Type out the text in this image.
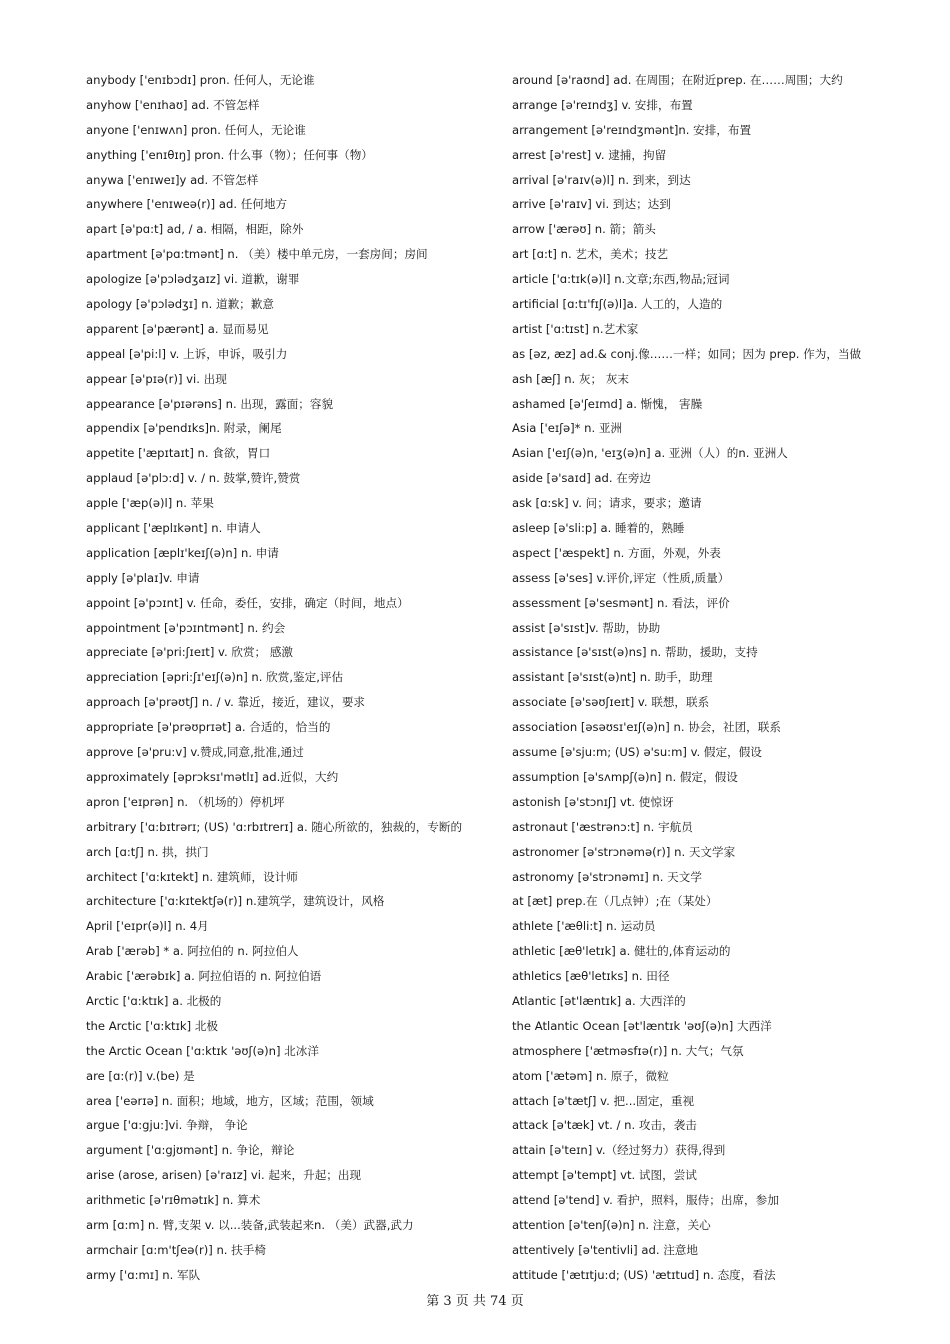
anybody ['enɪbɔdɪ] pron. 任何人，无论谁
anyhow ['enɪhaʊ] ad. 不管怎样
anyone ['enɪwʌn] pron. 任何人，无论谁
anything ['enɪθɪŋ] pron. 什么事（物）；任何事（物）
anywa ['enɪweɪ]y ad. 不管怎样
anywhere ['enɪweə(r)] ad. 任何地方
apart [ə'pɑ:t] ad, / a. 相隔，相距，除外
apartment [ə'pɑ:tmənt] n. （美）楼中单元房，一套房间；房间
apologize [ə'pɔlədʒaɪz] vi. 道歉，谢罪
apology [ə'pɔlədʒɪ] n. 道歉；歉意
apparent [ə'pærənt] a. 显而易见
appeal [ə'pi:l] v. 上诉，申诉，吸引力
appear [ə'pɪə(r)] vi. 出现
appearance [ə'pɪərəns] n. 出现，露面；容貌
appendix [ə'pendɪks]n. 附录，阑尾
appetite ['æpɪtaɪt] n. 食欲，胃口
applaud [ə'plɔ:d] v. / n. 鼓掌,赞许,赞赏
apple ['æp(ə)l] n. 苹果
applicant ['æplɪkənt] n. 申请人
application [æplɪ'keɪʃ(ə)n] n. 申请
apply [ə'plaɪ]v. 申请
appoint [ə'pɔɪnt] v. 任命，委任，安排，确定（时间，地点）
appointment [ə'pɔɪntmənt] n. 约会
appreciate [ə'pri:ʃɪeɪt] v. 欣赏； 感激
appreciation [əpri:ʃɪ'eɪʃ(ə)n] n. 欣赏,鉴定,评估
approach [ə'prəʊtʃ] n. / v. 靠近，接近，建议，要求
appropriate [ə'prəʊprɪət] a. 合适的，恰当的
approve [ə'pru:v] v.赞成,同意,批准,通过
approximately [əprɔksɪ'mətlɪ] ad.近似，大约
apron ['eɪprən] n. （机场的）停机坪
arbitrary ['ɑ:bɪtrərɪ; (US) 'ɑ:rbɪtrerɪ] a. 随心所欲的，独裁的，专断的
arch [ɑ:tʃ] n. 拱，拱门
architect ['ɑ:kɪtekt] n. 建筑师，设计师
architecture ['ɑ:kɪtektʃə(r)] n.建筑学，建筑设计，风格
April ['eɪpr(ə)l] n. 4月
Arab ['ærəb] * a. 阿拉伯的 n. 阿拉伯人
Arabic ['ærəbɪk] a. 阿拉伯语的 n. 阿拉伯语
Arctic ['ɑ:ktɪk] a. 北极的
the Arctic ['ɑ:ktɪk] 北极
the Arctic Ocean ['ɑ:ktɪk 'əʊʃ(ə)n] 北冰洋
are [ɑ:(r)] v.(be) 是
area ['eərɪə] n. 面积；地域，地方，区域；范围，领域
argue ['ɑ:gju:]vi. 争辩， 争论
argument ['ɑ:gjʊmənt] n. 争论，辩论
arise (arose, arisen) [ə'raɪz] vi. 起来，升起；出现
arithmetic [ə'rɪθmətɪk] n. 算术
arm [ɑ:m] n. 臂,支架 v. 以...装备,武装起来n. （美）武器,武力
armchair [ɑ:m'tʃeə(r)] n. 扶手椅
army ['ɑ:mɪ] n. 军队
around [ə'raʊnd] ad. 在周围；在附近prep. 在……周围；大约
arrange [ə'reɪndʒ] v. 安排，布置
arrangement [ə'reɪndʒmənt]n. 安排，布置
arrest [ə'rest] v. 逮捕，拘留
arrival [ə'raɪv(ə)l] n. 到来，到达
arrive [ə'raɪv] vi. 到达；达到
arrow ['ærəʊ] n. 箭；箭头
art [ɑ:t] n. 艺术，美术；技艺
article ['ɑ:tɪk(ə)l] n.文章;东西,物品;冠词
artificial [ɑ:tɪ'fɪʃ(ə)l]a. 人工的，人造的
artist ['ɑ:tɪst] n.艺术家
as [əz, æz] ad.& conj.像……一样；如同；因为 prep. 作为，当做
ash [æʃ] n. 灰； 灰末
ashamed [ə'ʃeɪmd] a. 惭愧， 害臊
Asia ['eɪʃə]* n. 亚洲
Asian ['eɪʃ(ə)n, 'eɪʒ(ə)n] a. 亚洲（人）的n. 亚洲人
aside [ə'saɪd] ad. 在旁边
ask [ɑ:sk] v. 问；请求，要求；邀请
asleep [ə'sli:p] a. 睡着的，熟睡
aspect ['æspekt] n. 方面，外观，外表
assess [ə'ses] v.评价,评定（性质,质量）
assessment [ə'sesmənt] n. 看法，评价
assist [ə'sɪst]v. 帮助，协助
assistance [ə'sɪst(ə)ns] n. 帮助，援助，支持
assistant [ə'sɪst(ə)nt] n. 助手，助理
associate [ə'səʊʃɪeɪt] v. 联想，联系
association [əsəʊsɪ'eɪʃ(ə)n] n. 协会，社团，联系
assume [ə'sju:m; (US) ə'su:m] v. 假定，假设
assumption [ə'sʌmpʃ(ə)n] n. 假定，假设
astonish [ə'stɔnɪʃ] vt. 使惊讶
astronaut ['æstrənɔ:t] n. 宇航员
astronomer [ə'strɔnəmə(r)] n. 天文学家
astronomy [ə'strɔnəmɪ] n. 天文学
at [æt] prep.在（几点钟）;在（某处）
athlete ['æθli:t] n. 运动员
athletic [æθ'letɪk] a. 健壮的,体育运动的
athletics [æθ'letɪks] n. 田径
Atlantic [ət'læntɪk] a. 大西洋的
the Atlantic Ocean [ət'læntɪk 'əʊʃ(ə)n] 大西洋
atmosphere ['ætməsfɪə(r)] n. 大气；气氛
atom ['ætəm] n. 原子，微粒
attach [ə'tætʃ] v. 把...固定，重视
attack [ə'tæk] vt. / n. 攻击，袭击
attain [ə'teɪn] v.（经过努力）获得,得到
attempt [ə'tempt] vt. 试图，尝试
attend [ə'tend] v. 看护，照料，服侍；出席，参加
attention [ə'tenʃ(ə)n] n. 注意，关心
attentively [ə'tentivli] ad. 注意地
attitude ['ætɪtju:d; (US) 'ætɪtud] n. 态度，看法
第 3 页 共 74 页
